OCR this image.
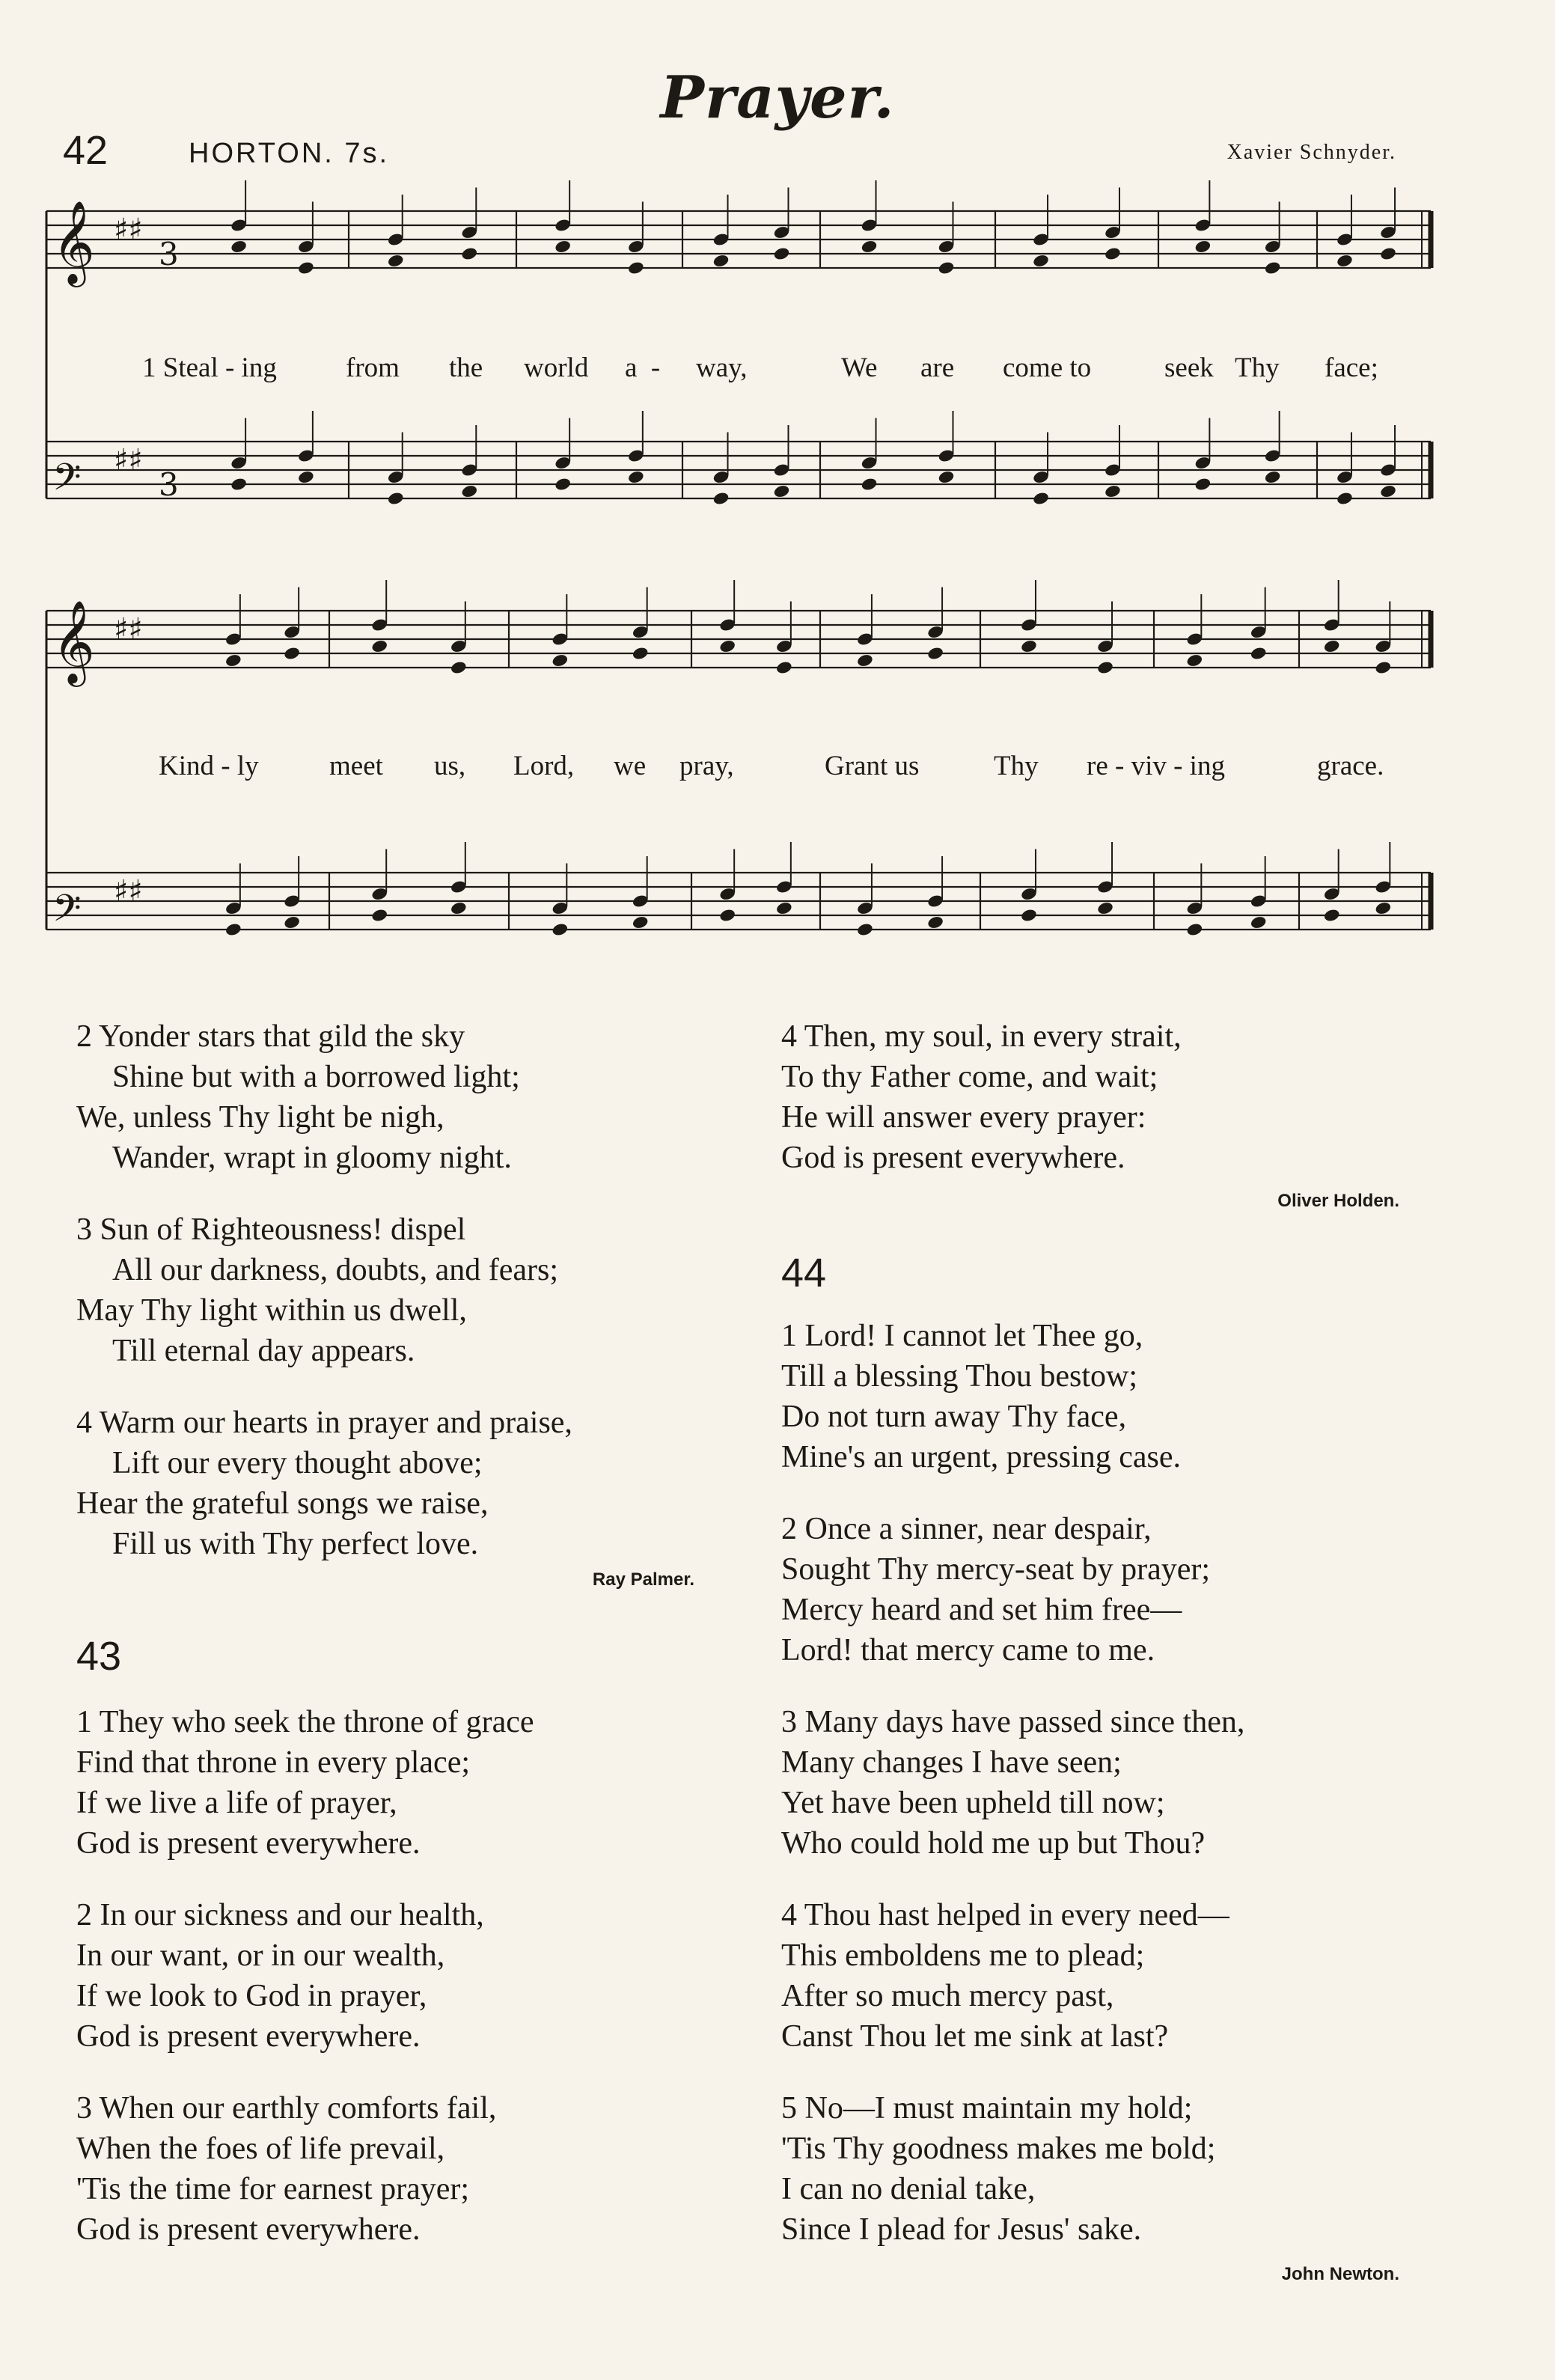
Prayer.
42	HORTON. 7s.	Xavier Schnyder.
𝄞 ♯♯
3
𝄢 ♯♯
3
𝄞 ♯♯
𝄢 ♯♯
1 Steal - ing from the world a  - way,	We are come to	seek Thy face;
Kind - ly	meet us, Lord, we pray,	Grant us	Thy re - viv - ing	grace.
2 Yonder stars that gild the sky
Shine but with a borrowed light;
We, unless Thy light be nigh,
Wander, wrapt in gloomy night.
3 Sun of Righteousness! dispel
All our darkness, doubts, and fears;
May Thy light within us dwell,
Till eternal day appears.
4 Warm our hearts in prayer and praise,
Lift our every thought above;
Hear the grateful songs we raise,
Fill us with Thy perfect love.
Ray Palmer.
43
1 They who seek the throne of grace
Find that throne in every place;
If we live a life of prayer,
God is present everywhere.
2 In our sickness and our health,
In our want, or in our wealth,
If we look to God in prayer,
God is present everywhere.
3 When our earthly comforts fail,
When the foes of life prevail,
'Tis the time for earnest prayer;
God is present everywhere.
4 Then, my soul, in every strait,
To thy Father come, and wait;
He will answer every prayer:
God is present everywhere.
Oliver Holden.
44
1 Lord! I cannot let Thee go,
Till a blessing Thou bestow;
Do not turn away Thy face,
Mine's an urgent, pressing case.
2 Once a sinner, near despair,
Sought Thy mercy-seat by prayer;
Mercy heard and set him free—
Lord! that mercy came to me.
3 Many days have passed since then,
Many changes I have seen;
Yet have been upheld till now;
Who could hold me up but Thou?
4 Thou hast helped in every need—
This emboldens me to plead;
After so much mercy past,
Canst Thou let me sink at last?
5 No—I must maintain my hold;
'Tis Thy goodness makes me bold;
I can no denial take,
Since I plead for Jesus' sake.
John Newton.
